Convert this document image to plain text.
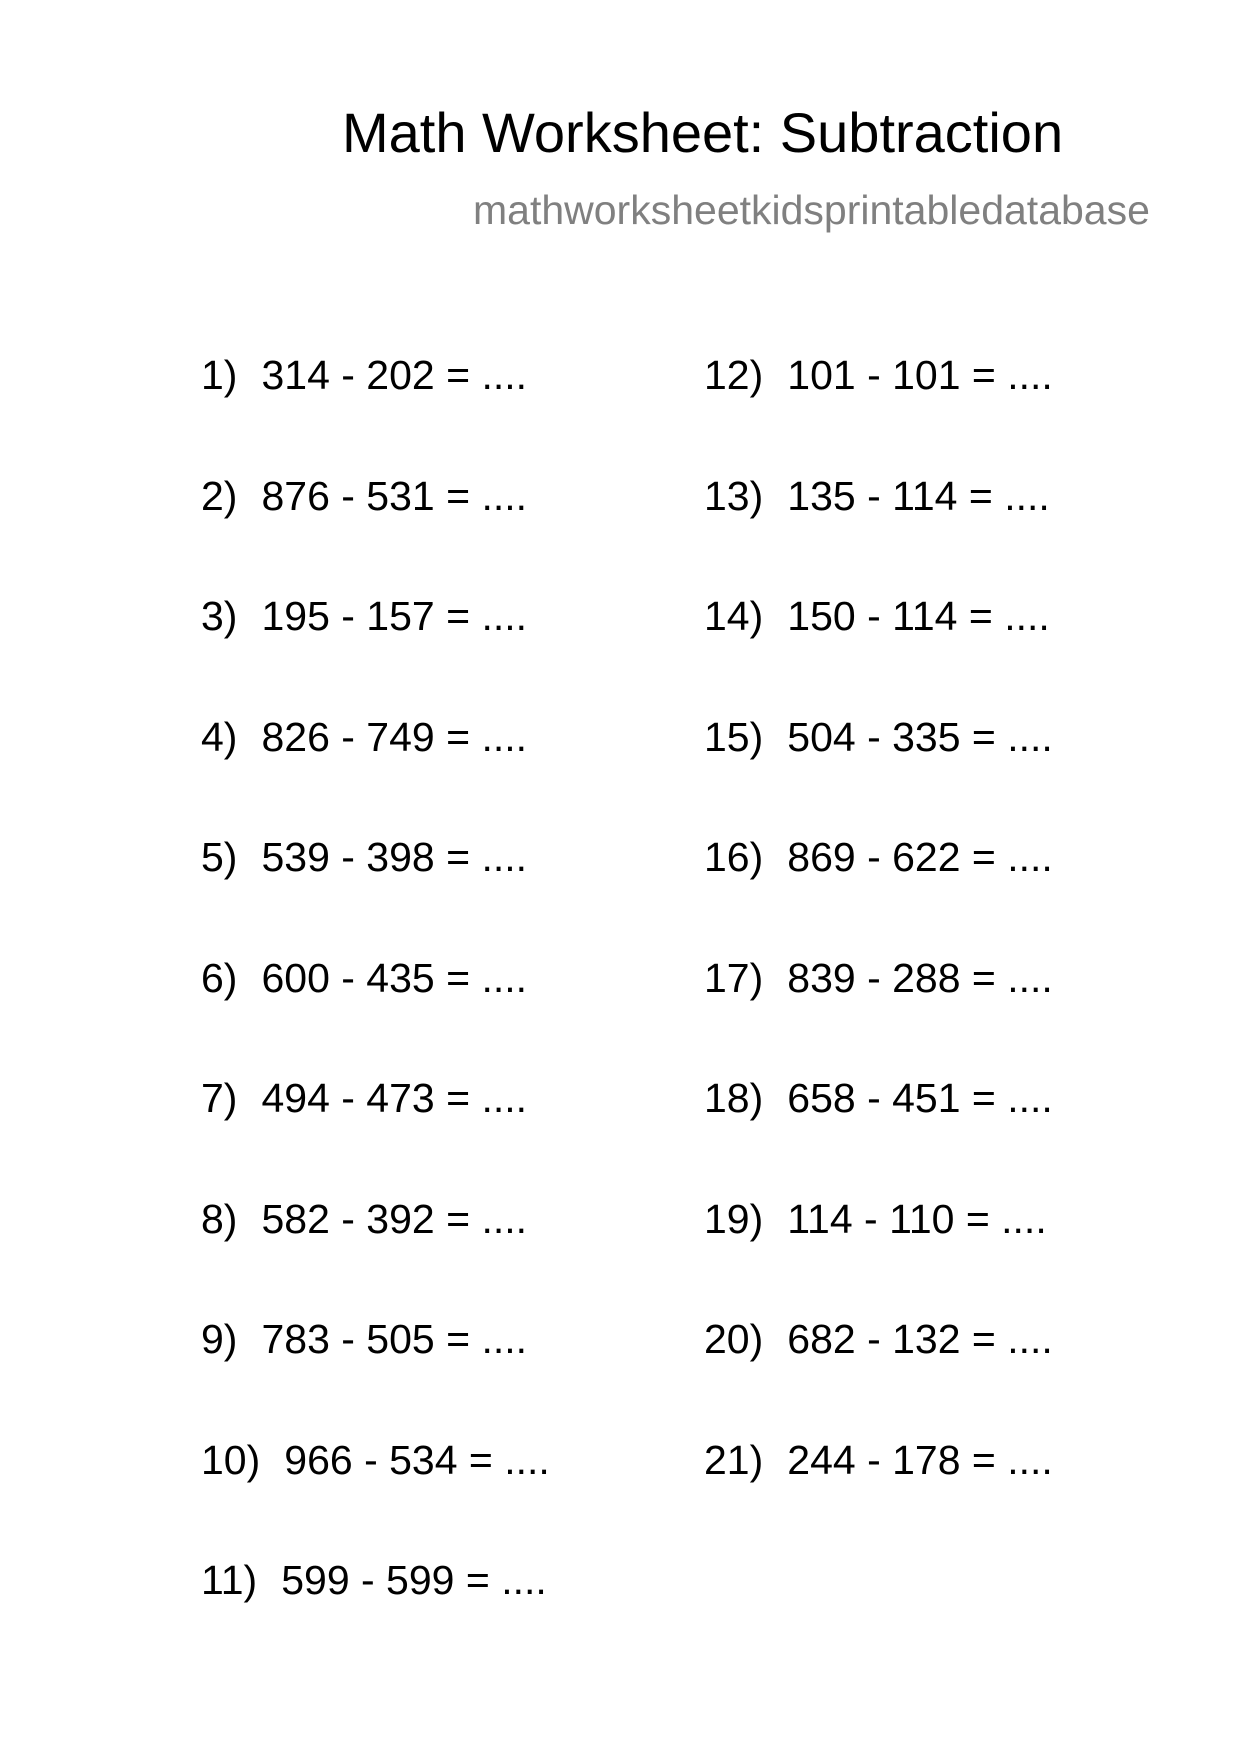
Math Worksheet: Subtraction
mathworksheetkidsprintabledatabase
1) 314 - 202 = ....
2) 876 - 531 = ....
3) 195 - 157 = ....
4) 826 - 749 = ....
5) 539 - 398 = ....
6) 600 - 435 = ....
7) 494 - 473 = ....
8) 582 - 392 = ....
9) 783 - 505 = ....
10) 966 - 534 = ....
11) 599 - 599 = ....
12) 101 - 101 = ....
13) 135 - 114 = ....
14) 150 - 114 = ....
15) 504 - 335 = ....
16) 869 - 622 = ....
17) 839 - 288 = ....
18) 658 - 451 = ....
19) 114 - 110 = ....
20) 682 - 132 = ....
21) 244 - 178 = ....
